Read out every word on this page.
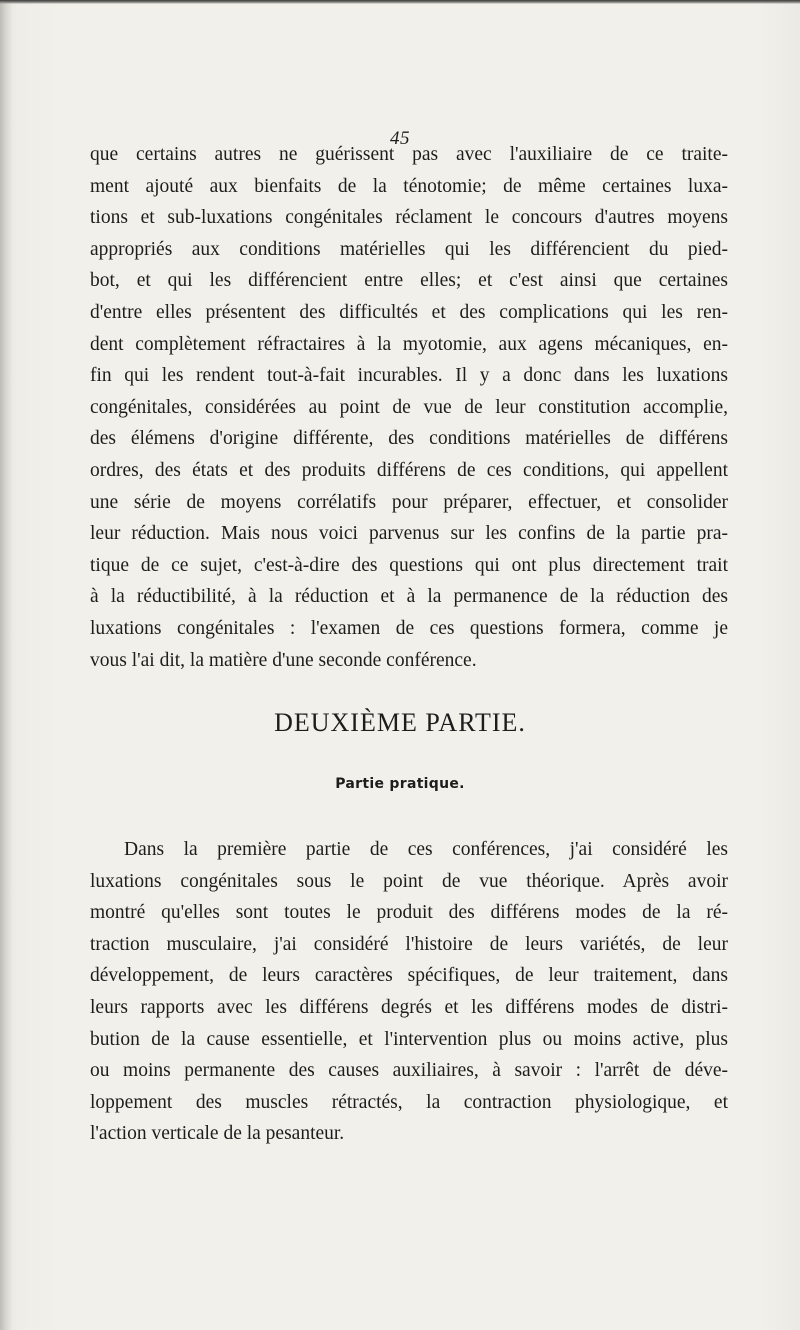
45
que certains autres ne guérissent pas avec l'auxiliaire de ce traite-
ment ajouté aux bienfaits de la ténotomie; de même certaines luxa-
tions et sub-luxations congénitales réclament le concours d'autres moyens
appropriés aux conditions matérielles qui les différencient du pied-
bot, et qui les différencient entre elles; et c'est ainsi que certaines
d'entre elles présentent des difficultés et des complications qui les ren-
dent complètement réfractaires à la myotomie, aux agens mécaniques, en-
fin qui les rendent tout-à-fait incurables. Il y a donc dans les luxations
congénitales, considérées au point de vue de leur constitution accomplie,
des élémens d'origine différente, des conditions matérielles de différens
ordres, des états et des produits différens de ces conditions, qui appellent
une série de moyens corrélatifs pour préparer, effectuer, et consolider
leur réduction. Mais nous voici parvenus sur les confins de la partie pra-
tique de ce sujet, c'est-à-dire des questions qui ont plus directement trait
à la réductibilité, à la réduction et à la permanence de la réduction des
luxations congénitales : l'examen de ces questions formera, comme je
vous l'ai dit, la matière d'une seconde conférence.
DEUXIÈME PARTIE.
Partie pratique.
Dans la première partie de ces conférences, j'ai considéré les
luxations congénitales sous le point de vue théorique. Après avoir
montré qu'elles sont toutes le produit des différens modes de la ré-
traction musculaire, j'ai considéré l'histoire de leurs variétés, de leur
développement, de leurs caractères spécifiques, de leur traitement, dans
leurs rapports avec les différens degrés et les différens modes de distri-
bution de la cause essentielle, et l'intervention plus ou moins active, plus
ou moins permanente des causes auxiliaires, à savoir : l'arrêt de déve-
loppement des muscles rétractés, la contraction physiologique, et
l'action verticale de la pesanteur.
